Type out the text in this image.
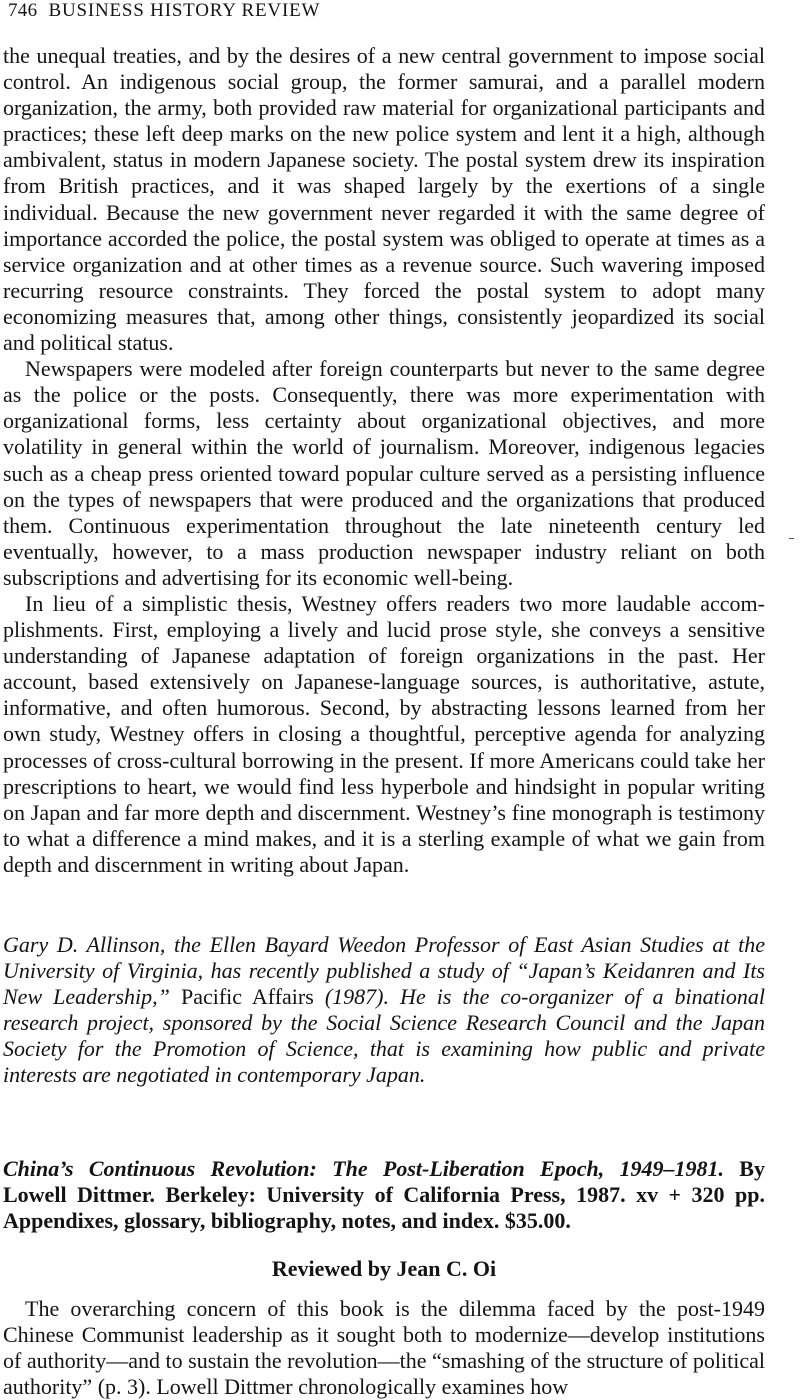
746 BUSINESS HISTORY REVIEW

the unequal treaties, and by the desires of a new central government to impose social control. An indigenous social group, the former samurai, and a parallel modern organization, the army, both provided raw material for organizational participants and practices; these left deep marks on the new police system and lent it a high, although ambivalent, status in modern Japanese society. The postal system drew its inspiration from British practices, and it was shaped largely by the exertions of a single individual. Because the new government never regarded it with the same degree of importance accorded the police, the postal system was obliged to operate at times as a service organization and at other times as a revenue source. Such wavering imposed recurring resource constraints. They forced the postal system to adopt many economizing measures that, among other things, consistently jeopardized its social and political status.

Newspapers were modeled after foreign counterparts but never to the same degree as the police or the posts. Consequently, there was more experimentation with organizational forms, less certainty about organizational objectives, and more volatility in general within the world of journalism. Moreover, indigenous legacies such as a cheap press oriented toward popular culture served as a persisting influence on the types of newspapers that were produced and the organizations that produced them. Continuous experimentation throughout the late nineteenth century led eventually, however, to a mass production newspaper industry reliant on both subscriptions and advertising for its economic well-being.

In lieu of a simplistic thesis, Westney offers readers two more laudable accomplishments. First, employing a lively and lucid prose style, she conveys a sensitive understanding of Japanese adaptation of foreign organizations in the past. Her account, based extensively on Japanese-language sources, is authoritative, astute, informative, and often humorous. Second, by abstracting lessons learned from her own study, Westney offers in closing a thoughtful, perceptive agenda for analyzing processes of cross-cultural borrowing in the present. If more Americans could take her prescriptions to heart, we would find less hyperbole and hindsight in popular writing on Japan and far more depth and discernment. Westney’s fine monograph is testimony to what a difference a mind makes, and it is a sterling example of what we gain from depth and discernment in writing about Japan.

Gary D. Allinson, the Ellen Bayard Weedon Professor of East Asian Studies at the University of Virginia, has recently published a study of “Japan’s Keidanren and Its New Leadership,” Pacific Affairs (1987). He is the co-organizer of a binational research project, sponsored by the Social Science Research Council and the Japan Society for the Promotion of Science, that is examining how public and private interests are negotiated in contemporary Japan.

China’s Continuous Revolution: The Post-Liberation Epoch, 1949–1981. By Lowell Dittmer. Berkeley: University of California Press, 1987. xv + 320 pp. Appendixes, glossary, bibliography, notes, and index. $35.00.

Reviewed by Jean C. Oi

The overarching concern of this book is the dilemma faced by the post-1949 Chinese Communist leadership as it sought both to modernize—develop institutions of authority—and to sustain the revolution—the “smashing of the structure of political authority” (p. 3). Lowell Dittmer chronologically examines how
